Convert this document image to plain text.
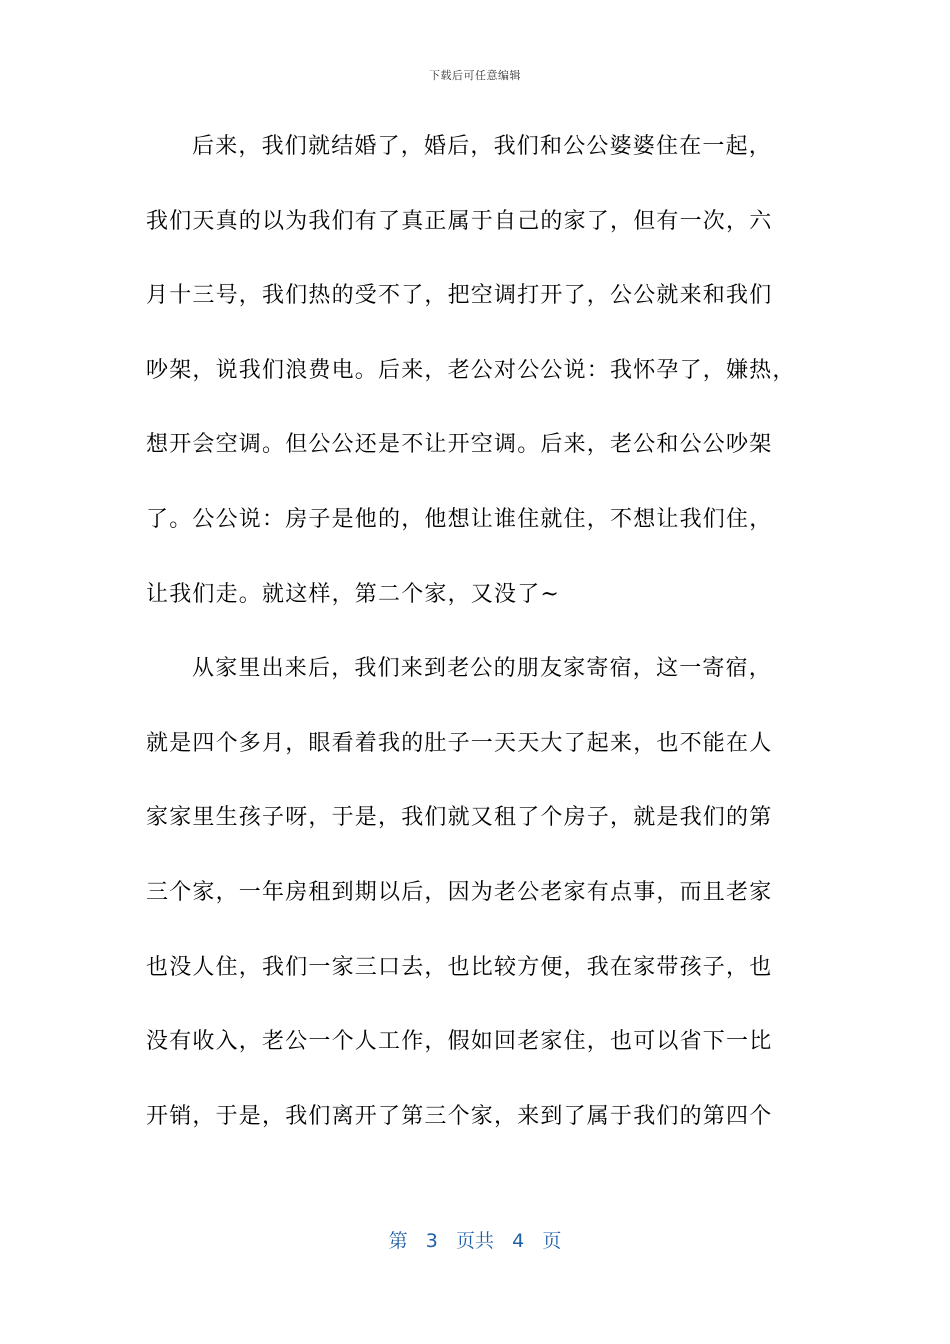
下载后可任意编辑
后来，我们就结婚了，婚后，我们和公公婆婆住在一起，
我们天真的以为我们有了真正属于自己的家了，但有一次，六
月十三号，我们热的受不了，把空调打开了，公公就来和我们
吵架，说我们浪费电。后来，老公对公公说：我怀孕了，嫌热，
想开会空调。但公公还是不让开空调。后来，老公和公公吵架
了。公公说：房子是他的，他想让谁住就住，不想让我们住，
让我们走。就这样，第二个家，又没了~
从家里出来后，我们来到老公的朋友家寄宿，这一寄宿，
就是四个多月，眼看着我的肚子一天天大了起来，也不能在人
家家里生孩子呀，于是，我们就又租了个房子，就是我们的第
三个家，一年房租到期以后，因为老公老家有点事，而且老家
也没人住，我们一家三口去，也比较方便，我在家带孩子，也
没有收入，老公一个人工作，假如回老家住，也可以省下一比
开销，于是，我们离开了第三个家，来到了属于我们的第四个
第 3 页共 4 页
